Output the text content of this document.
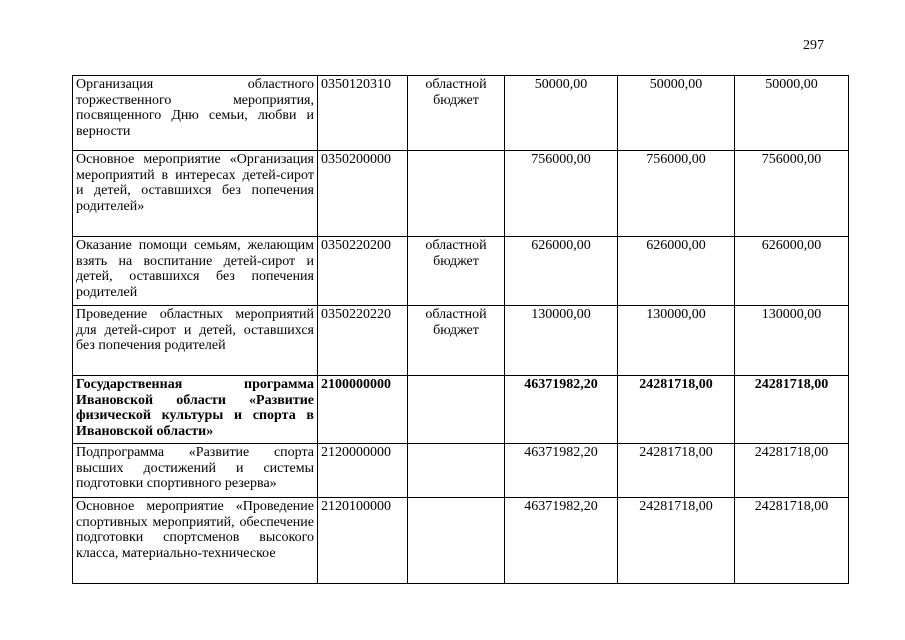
297
Организация областного торжественного мероприятия, посвященного Дню семьи, любви и верности	0350120310	областной бюджет	50000,00	50000,00	50000,00
Основное мероприятие «Организация мероприятий в интересах детей-сирот и детей, оставшихся без попечения родителей»	0350200000		756000,00	756000,00	756000,00
Оказание помощи семьям, желающим взять на воспитание детей-сирот и детей, оставшихся без попечения родителей	0350220200	областной бюджет	626000,00	626000,00	626000,00
Проведение областных мероприятий для детей-сирот и детей, оставшихся без попечения родителей	0350220220	областной бюджет	130000,00	130000,00	130000,00
Государственная программа Ивановской области «Развитие физической культуры и спорта в Ивановской области»	2100000000		46371982,20	24281718,00	24281718,00
Подпрограмма «Развитие спорта высших достижений и системы подготовки спортивного резерва»	2120000000		46371982,20	24281718,00	24281718,00
Основное мероприятие «Проведение спортивных мероприятий, обеспечение подготовки спортсменов высокого класса, материально-техническое	2120100000		46371982,20	24281718,00	24281718,00
